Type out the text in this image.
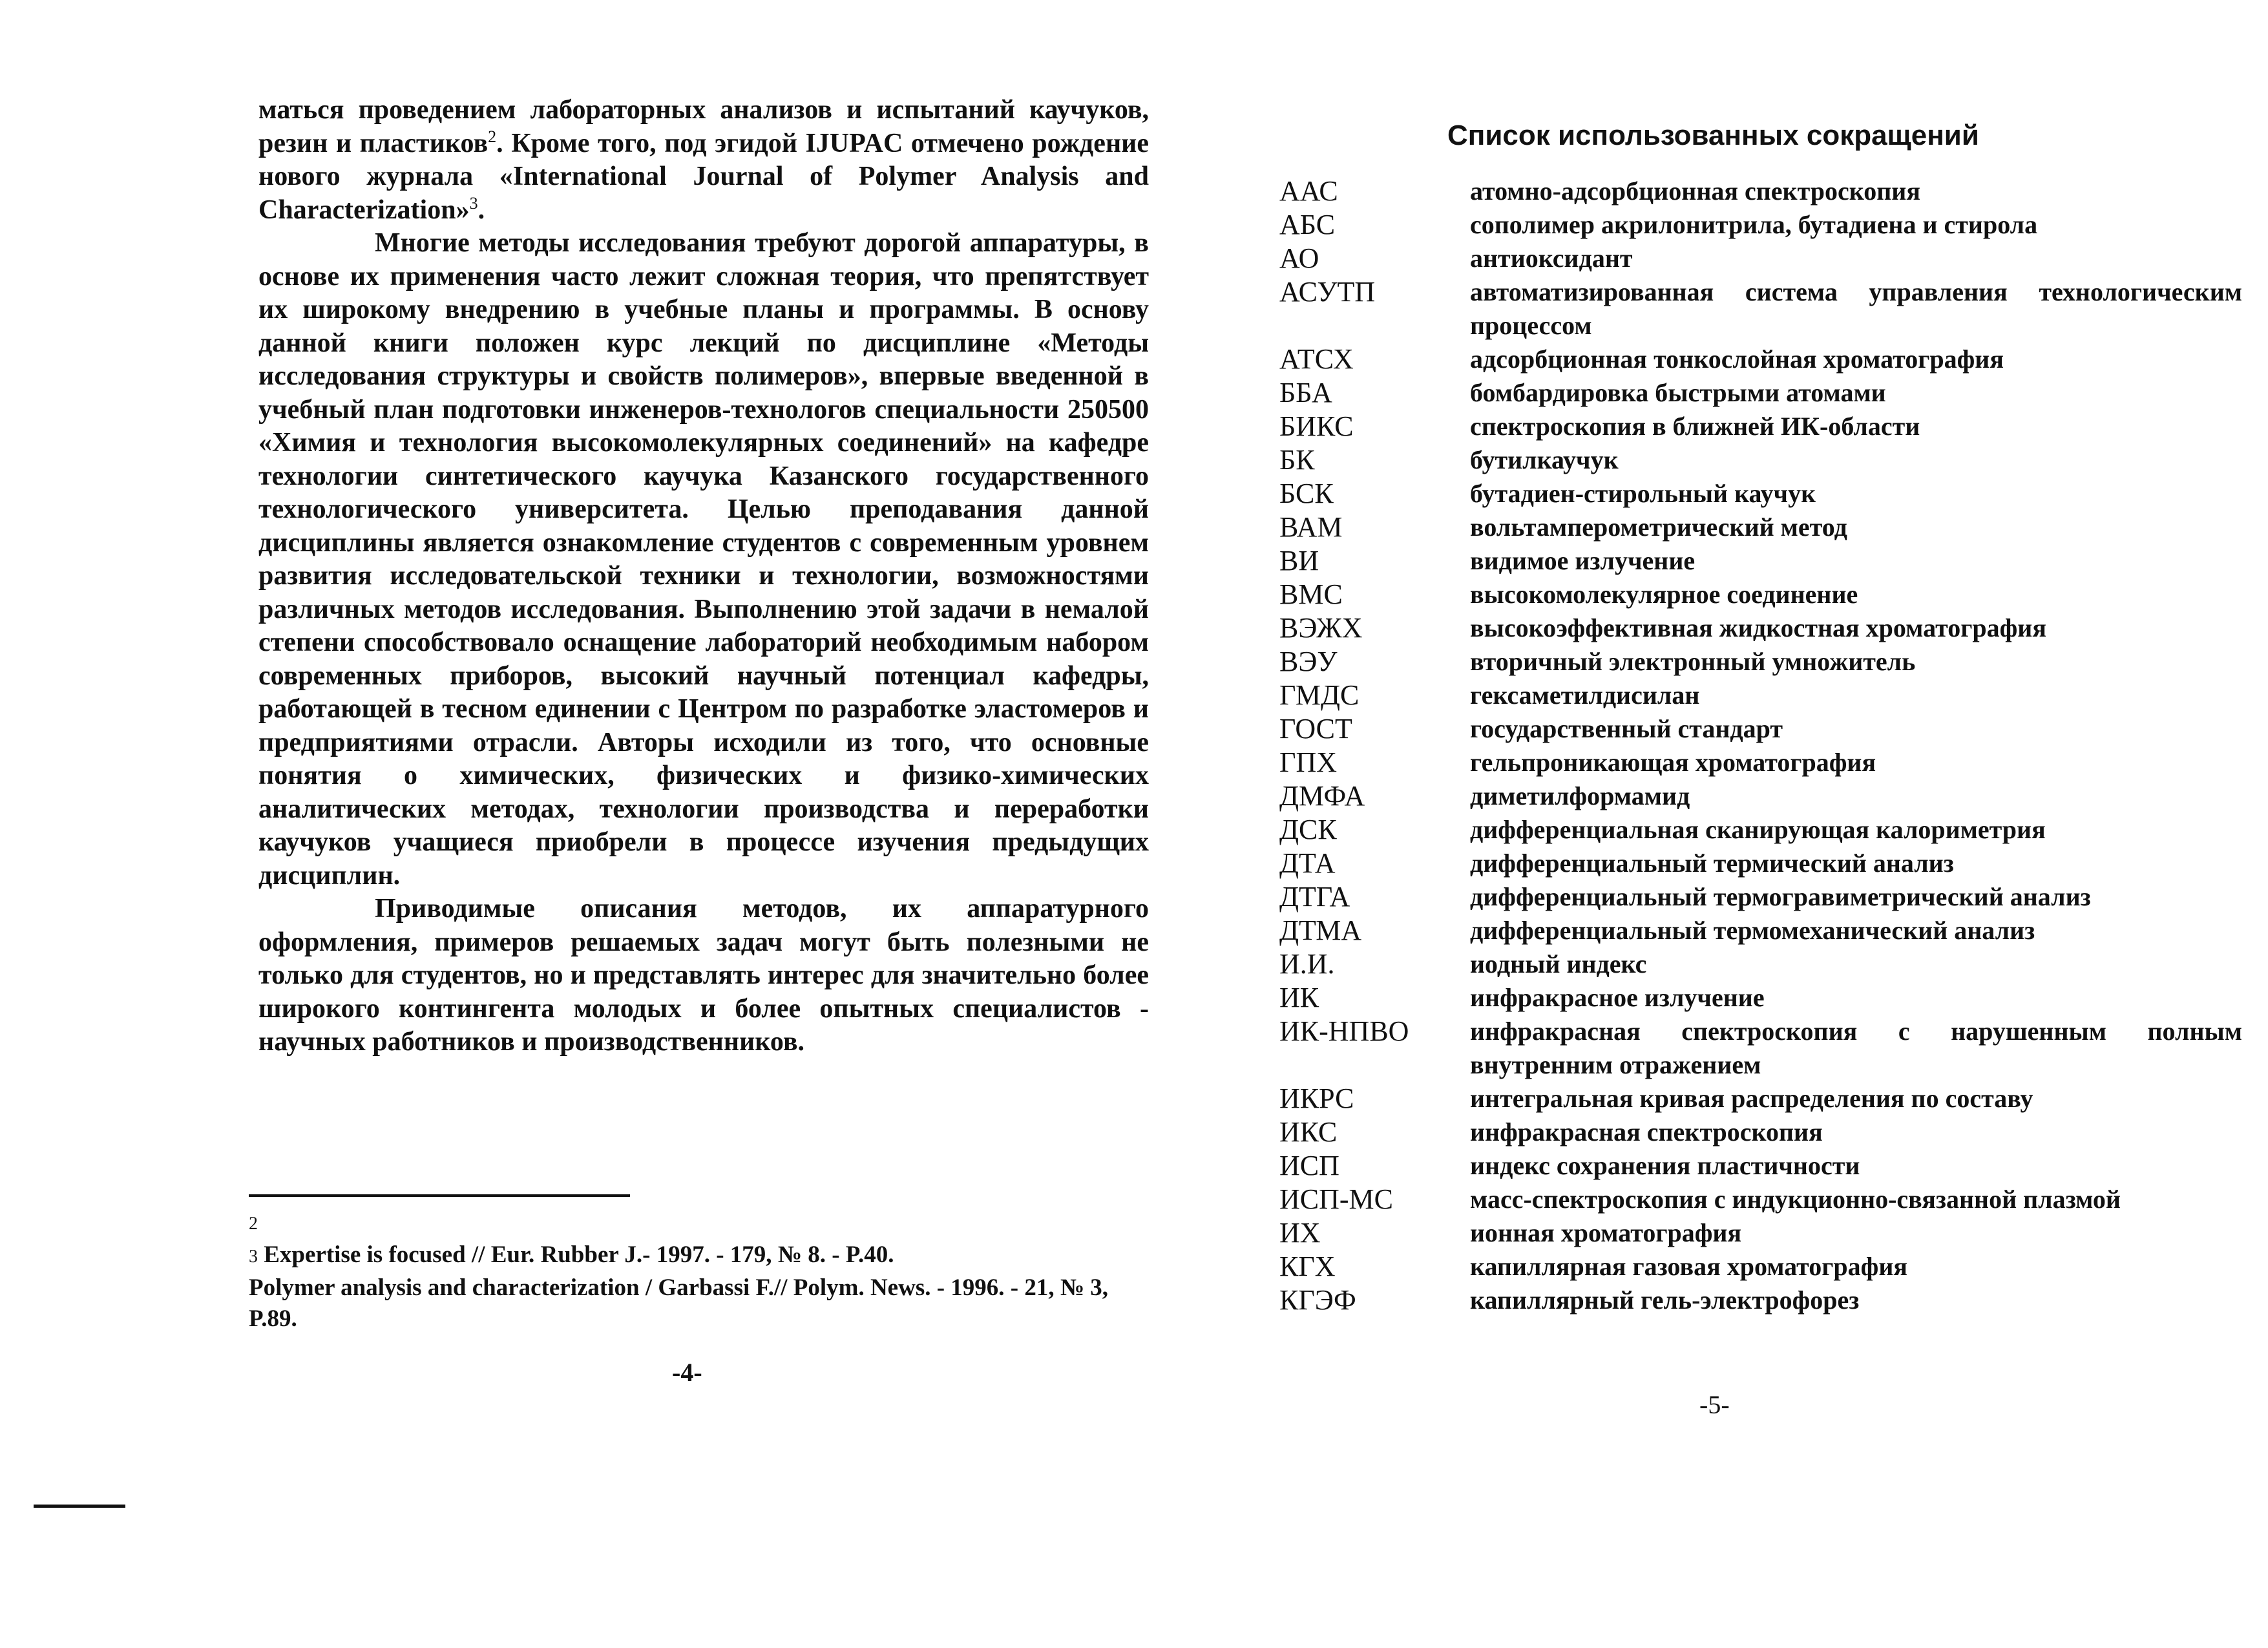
маться проведением лабораторных анализов и испытаний каучуков, резин и пластиков$^2$. Кроме того, под эгидой IJUPAC отмечено рождение нового журнала «International Journal of Polymer Analysis and Characterization»$^3$.

Многие методы исследования требуют дорогой аппаратуры, в основе их применения часто лежит сложная теория, что препятствует их широкому внедрению в учебные планы и программы. В основу данной книги положен курс лекций по дисциплине «Методы исследования структуры и свойств полимеров», впервые введенной в учебный план подготовки инженеров-технологов специальности 250500 «Химия и технология высокомолекулярных соединений» на кафедре технологии синтетического каучука Казанского государственного технологического университета. Целью преподавания данной дисциплины является ознакомление студентов с современным уровнем развития исследовательской техники и технологии, возможностями различных методов исследования. Выполнению этой задачи в немалой степени способствовало оснащение лабораторий необходимым набором современных приборов, высокий научный потенциал кафедры, работающей в тесном единении с Центром по разработке эластомеров и предприятиями отрасли. Авторы исходили из того, что основные понятия о химических, физических и физико-химических аналитических методах, технологии производства и переработки каучуков учащиеся приобрели в процессе изучения предыдущих дисциплин.

Приводимые описания методов, их аппаратурного оформления, примеров решаемых задач могут быть полезными не только для студентов, но и представлять интерес для значительно более широкого контингента молодых и более опытных специалистов - научных работников и производственников.

2
3 Expertise is focused // Eur. Rubber J.- 1997. - 179, № 8. - P.40.
Polymer analysis and characterization / Garbassi F.// Polym. News. - 1996. - 21, № 3, P.89.
-4-
Список использованных сокращений
ААС	атомно-адсорбционная спектроскопия
АБС	сополимер акрилонитрила, бутадиена и стирола
АО	антиоксидант
АСУТП	автоматизированная система управления технологическим процессом
АТСХ	адсорбционная тонкослойная хроматография
ББА	бомбардировка быстрыми атомами
БИКС	спектроскопия в ближней ИК-области
БК	бутилкаучук
БСК	бутадиен-стирольный каучук
ВАМ	вольтамперометрический метод
ВИ	видимое излучение
ВМС	высокомолекулярное соединение
ВЭЖХ	высокоэффективная жидкостная хроматография
ВЭУ	вторичный электронный умножитель
ГМДС	гексаметилдисилан
ГОСТ	государственный стандарт
ГПХ	гельпроникающая хроматография
ДМФА	диметилформамид
ДСК	дифференциальная сканирующая калориметрия
ДТА	дифференциальный термический анализ
ДТГА	дифференциальный термогравиметрический анализ
ДТМА	дифференциальный термомеханический анализ
И.И.	иодный индекс
ИК	инфракрасное излучение
ИК-НПВО	инфракрасная спектроскопия с нарушенным полным внутренним отражением
ИКРС	интегральная кривая распределения по составу
ИКС	инфракрасная спектроскопия
ИСП	индекс сохранения пластичности
ИСП-МС	масс-спектроскопия с индукционно-связанной плазмой
ИХ	ионная хроматография
КГХ	капиллярная газовая хроматография
КГЭФ	капиллярный гель-электрофорез
-5-
